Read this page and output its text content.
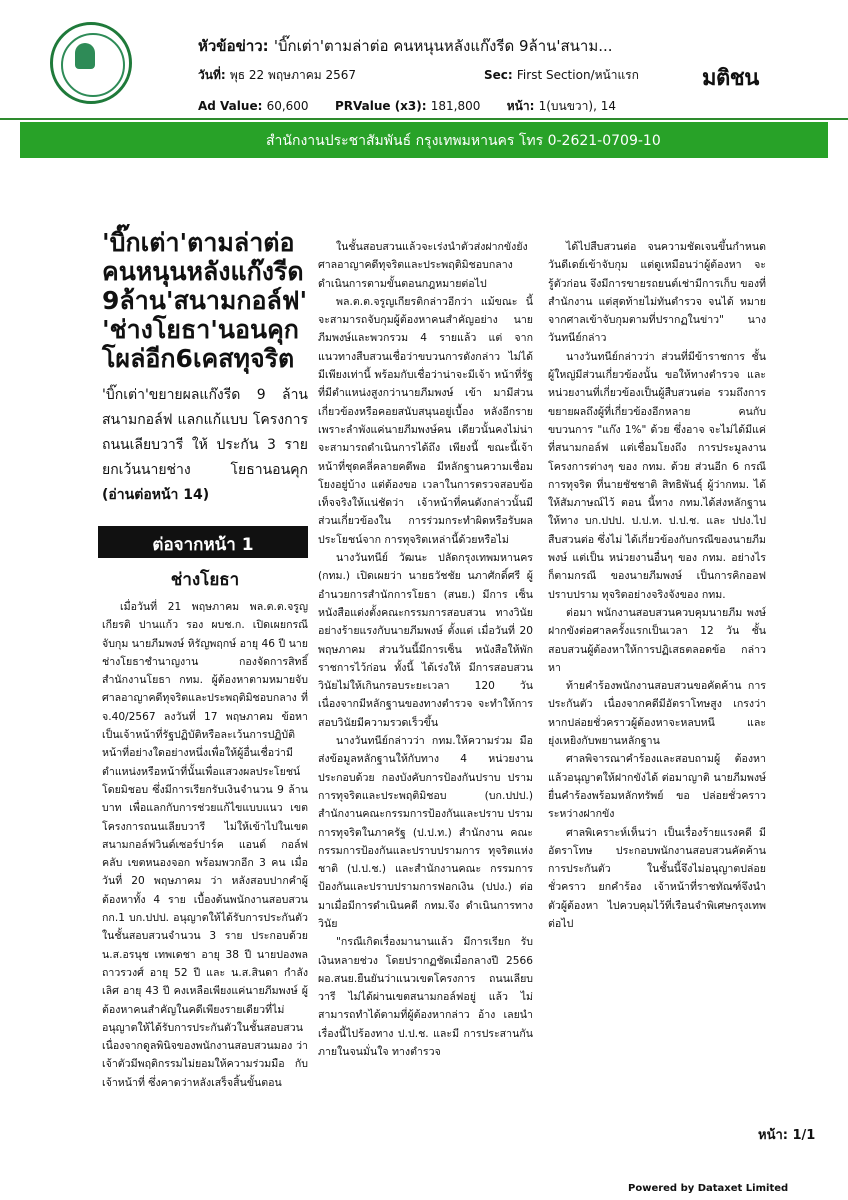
หัวข้อข่าว: 'บิ๊กเต่า'ตามล่าต่อ คนหนุนหลังแก๊งรีด 9ล้าน'สนาม...
วันที่: พุธ 22 พฤษภาคม 2567	Sec: First Section/หน้าแรก
Ad Value: 60,600 PRValue (x3): 181,800 หน้า: 1(บนขวา), 14
มติชน
สำนักงานประชาสัมพันธ์ กรุงเทพมหานคร โทร 0-2621-0709-10
'บิ๊กเต่า'ตามล่าต่อ คนหนุนหลังแก๊งรีด 9ล้าน'สนามกอล์ฟ' 'ช่างโยธา'นอนคุก โผล่อีก6เคสทุจริต
'บิ๊กเต่า'ขยายผลแก๊งรีด 9 ล้านสนามกอล์ฟ แลกแก้แบบ โครงการถนนเลียบวารี ให้ ประกัน 3 ราย ยกเว้นนายช่าง โยธานอนคุก (อ่านต่อหน้า 14)
ต่อจากหน้า 1
ช่างโยธา

เมื่อวันที่ 21 พฤษภาคม พล.ต.ต.จรูญเกียรติ ปานแก้ว รอง ผบช.ก. เปิดเผยกรณีจับกุม นายภีมพงษ์ หิรัญพฤกษ์ อายุ 46 ปี นาย ช่างโยธาชำนาญงาน กองจัดการสิทธิ์ สำนักงานโยธา กทม. ผู้ต้องหาตามหมายจับ ศาลอาญาคดีทุจริตและประพฤติมิชอบกลาง ที่ จ.40/2567 ลงวันที่ 17 พฤษภาคม ข้อหา เป็นเจ้าหน้าที่รัฐปฏิบัติหรือละเว้นการปฏิบัติ หน้าที่อย่างใดอย่างหนึ่งเพื่อให้ผู้อื่นเชื่อว่ามี ตำแหน่งหรือหน้าที่นั้นเพื่อแสวงผลประโยชน์ โดยมิชอบ ซึ่งมีการเรียกรับเงินจำนวน 9 ล้านบาท เพื่อแลกกับการช่วยแก้ไขแบบแนว เขตโครงการถนนเลียบวารี ไม่ให้เข้าไปในเขต สนามกอล์ฟวินด์เซอร์ปาร์ค แอนด์ กอล์ฟ คลับ เขตหนองจอก พร้อมพวกอีก 3 คน เมื่อ วันที่ 20 พฤษภาคม ว่า หลังสอบปากคำผู้ ต้องหาทั้ง 4 ราย เบื้องต้นพนักงานสอบสวน กก.1 บก.ปปป. อนุญาตให้ได้รับการประกันตัว ในชั้นสอบสวนจำนวน 3 ราย ประกอบด้วย น.ส.อรนุช เทพเดชา อายุ 38 ปี นายปองพล ถาวรวงศ์ อายุ 52 ปี และ น.ส.สินดา กำลัง เลิศ อายุ 43 ปี คงเหลือเพียงแค่นายภีมพงษ์ ผู้ต้องหาคนสำคัญในคดีเพียงรายเดียวที่ไม่ อนุญาตให้ได้รับการประกันตัวในชั้นสอบสวน เนื่องจากดูลพินิจของพนักงานสอบสวนมอง ว่าเจ้าตัวมีพฤติกรรมไม่ยอมให้ความร่วมมือ กับเจ้าหน้าที่ ซึ่งคาดว่าหลังเสร็จสิ้นขั้นตอน

ในชั้นสอบสวนแล้วจะเร่งนำตัวส่งฝากขังยัง ศาลอาญาคดีทุจริตและประพฤติมิชอบกลาง ดำเนินการตามขั้นตอนกฎหมายต่อไป

พล.ต.ต.จรูญเกียรติกล่าวอีกว่า แม้ขณะ นี้จะสามารถจับกุมผู้ต้องหาคนสำคัญอย่าง นายภีมพงษ์และพวกรวม 4 รายแล้ว แต่ จากแนวทางสืบสวนเชื่อว่าขบวนการดังกล่าว ไม่ได้มีเพียงเท่านี้ พร้อมกับเชื่อว่าน่าจะมีเจ้า หน้าที่รัฐที่มีตำแหน่งสูงกว่านายภีมพงษ์ เข้า มามีส่วนเกี่ยวข้องหรือคอยสนับสนุนอยู่เบื้อง หลังอีกราย เพราะลำพังแค่นายภีมพงษ์คน เดียวนั้นคงไม่น่าจะสามารถดำเนินการได้ถึง เพียงนี้ ขณะนี้เจ้าหน้าที่ชุดคลี่คลายคดีพอ มีหลักฐานความเชื่อมโยงอยู่บ้าง แต่ต้องขอ เวลาในการตรวจสอบข้อเท็จจริงให้แน่ชัดว่า เจ้าหน้าที่คนดังกล่าวนั้นมีส่วนเกี่ยวข้องใน การร่วมกระทำผิดหรือรับผลประโยชน์จาก การทุจริตเหล่านี้ด้วยหรือไม่

นางวันทนีย์ วัฒนะ ปลัดกรุงเทพมหานคร (กทม.) เปิดเผยว่า นายธวัชชัย นภาศักดิ์ศรี ผู้อำนวยการสำนักการโยธา (สนย.) มีการ เซ็นหนังสือแต่งตั้งคณะกรรมการสอบสวน ทางวินัยอย่างร้ายแรงกับนายภีมพงษ์ ตั้งแต่ เมื่อวันที่ 20 พฤษภาคม ส่วนวันนี้มีการเซ็น หนังสือให้พักราชการไว้ก่อน ทั้งนี้ ได้เร่งให้ มีการสอบสวนวินัยไม่ให้เกินกรอบระยะเวลา 120 วัน เนื่องจากมีหลักฐานของทางตำรวจ จะทำให้การสอบวินัยมีความรวดเร็วขึ้น

นางวันทนีย์กล่าวว่า กทม.ให้ความร่วม มือส่งข้อมูลหลักฐานให้กับทาง 4 หน่วยงาน ประกอบด้วย กองบังคับการป้องกันปราบ ปรามการทุจริตและประพฤติมิชอบ (บก.ปปป.) สำนักงานคณะกรรมการป้องกันและปราบ ปรามการทุจริตในภาครัฐ (ป.ป.ท.) สำนักงาน คณะกรรมการป้องกันและปราบปรามการ ทุจริตแห่งชาติ (ป.ป.ช.) และสำนักงานคณะ กรรมการป้องกันและปราบปรามการฟอกเงิน (ปปง.) ต่อมาเมื่อมีการดำเนินคดี กทม.จึง ดำเนินการทางวินัย

"กรณีเกิดเรื่องมานานแล้ว มีการเรียก รับเงินหลายช่วง โดยปรากฏชัดเมื่อกลางปี 2566 ผอ.สนย.ยืนยันว่าแนวเขตโครงการ ถนนเลียบวารี ไม่ได้ผ่านเขตสนามกอล์ฟอยู่ แล้ว ไม่สามารถทำได้ตามที่ผู้ต้องหากล่าว อ้าง เลยนำเรื่องนี้ไปร้องทาง ป.ป.ช. และมี การประสานกันภายในจนมั่นใจ ทางตำรวจ

ได้ไปสืบสวนต่อ จนความชัดเจนขึ้นกำหนด วันดีเดย์เข้าจับกุม แต่ดูเหมือนว่าผู้ต้องหา จะรู้ตัวก่อน จึงมีการขายรถยนต์เช่ามีการเก็บ ของที่สำนักงาน แต่สุดท้ายไม่ทันตำรวจ จนได้ หมายจากศาลเข้าจับกุมตามที่ปรากฏในข่าว" นางวันทนีย์กล่าว

นางวันทนีย์กล่าวว่า ส่วนที่มีข้าราชการ ชั้นผู้ใหญ่มีส่วนเกี่ยวข้องนั้น ขอให้ทางตำรวจ และหน่วยงานที่เกี่ยวข้องเป็นผู้สืบสวนต่อ รวมถึงการขยายผลถึงผู้ที่เกี่ยวข้องอีกหลาย คนกับขบวนการ "แก๊ง 1%" ด้วย ซึ่งอาจ จะไม่ได้มีแค่ที่สนามกอล์ฟ แต่เชื่อมโยงถึง การประมูลงานโครงการต่างๆ ของ กทม. ด้วย ส่วนอีก 6 กรณีการทุจริต ที่นายชัชชาติ สิทธิพันธุ์ ผู้ว่ากทม. ได้ให้สัมภาษณ์ไว้ ตอน นี้ทาง กทม.ได้ส่งหลักฐานให้ทาง บก.ปปป. ป.ป.ท. ป.ป.ช. และ ปปง.ไปสืบสวนต่อ ซึ่งไม่ ได้เกี่ยวข้องกับกรณีของนายภีมพงษ์ แต่เป็น หน่วยงานอื่นๆ ของ กทม. อย่างไรก็ตามกรณี ของนายภีมพงษ์ เป็นการคิกออฟปราบปราม ทุจริตอย่างจริงจังของ กทม.

ต่อมา พนักงานสอบสวนควบคุมนายภีม พงษ์ฝากขังต่อศาลครั้งแรกเป็นเวลา 12 วัน ชั้นสอบสวนผู้ต้องหาให้การปฏิเสธตลอดข้อ กล่าวหา

ท้ายคำร้องพนักงานสอบสวนขอคัดค้าน การประกันตัว เนื่องจากคดีมีอัตราโทษสูง เกรงว่าหากปล่อยชั่วคราวผู้ต้องหาจะหลบหนี และยุ่งเหยิงกับพยานหลักฐาน

ศาลพิจารณาคำร้องและสอบถามผู้ ต้องหาแล้วอนุญาตให้ฝากขังได้ ต่อมาญาติ นายภีมพงษ์ยื่นคำร้องพร้อมหลักทรัพย์ ขอ ปล่อยชั่วคราวระหว่างฝากขัง

ศาลพิเคราะห์เห็นว่า เป็นเรื่องร้ายแรงคดี มีอัตราโทษ ประกอบพนักงานสอบสวนคัดค้าน การประกันตัว ในชั้นนี้จึงไม่อนุญาตปล่อยชั่วคราว ยกคำร้อง เจ้าหน้าที่ราชทัณฑ์จึงนำตัวผู้ต้องหา ไปควบคุมไว้ที่เรือนจำพิเศษกรุงเทพต่อไป

หน้า: 1/1
Powered by Dataxet Limited
